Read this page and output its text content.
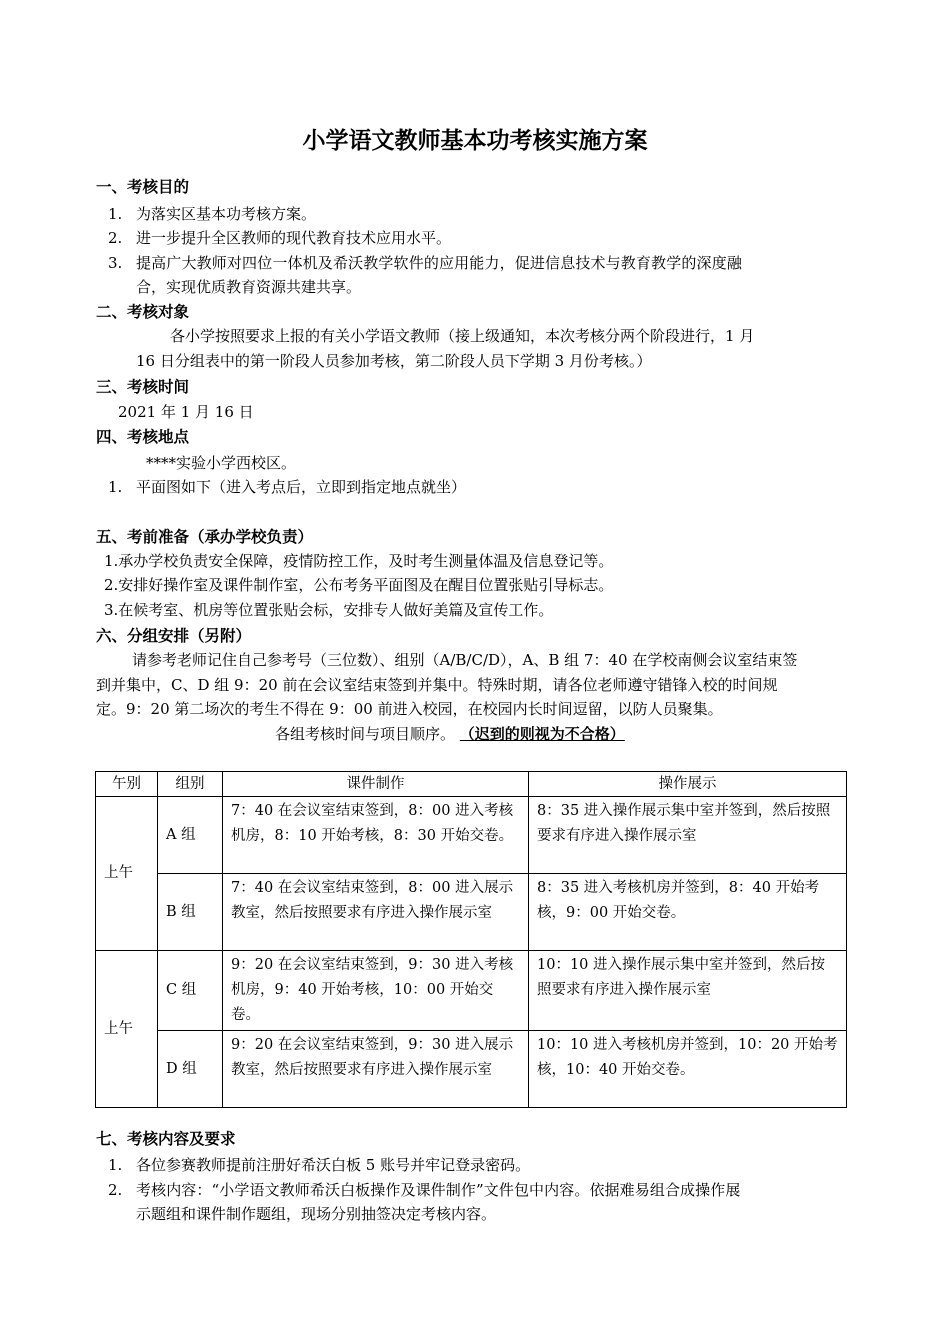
小学语文教师基本功考核实施方案
一、考核目的
1. 为落实区基本功考核方案。
2. 进一步提升全区教师的现代教育技术应用水平。
3. 提高广大教师对四位一体机及希沃教学软件的应用能力，促进信息技术与教育教学的深度融
合，实现优质教育资源共建共享。
二、考核对象
各小学按照要求上报的有关小学语文教师（接上级通知，本次考核分两个阶段进行，1 月
16 日分组表中的第一阶段人员参加考核，第二阶段人员下学期 3 月份考核。）
三、考核时间
2021 年 1 月 16 日
四、考核地点
****实验小学西校区。
1. 平面图如下（进入考点后，立即到指定地点就坐）
五、考前准备（承办学校负责）
1.承办学校负责安全保障，疫情防控工作，及时考生测量体温及信息登记等。
2.安排好操作室及课件制作室，公布考务平面图及在醒目位置张贴引导标志。
3.在候考室、机房等位置张贴会标，安排专人做好美篇及宣传工作。
六、分组安排（另附）
请参考老师记住自己参考号（三位数）、组别（A/B/C/D），A、B 组 7：40 在学校南侧会议室结束签
到并集中，C、D 组 9：20 前在会议室结束签到并集中。特殊时期，请各位老师遵守错锋入校的时间规
定。9：20 第二场次的考生不得在 9：00 前进入校园，在校园内长时间逗留，以防人员聚集。
各组考核时间与项目顺序。 （迟到的则视为不合格）
午别	组别	课件制作	操作展示
上午	A 组	7：40 在会议室结束签到，8：00 进入考核机房，8：10 开始考核，8：30 开始交卷。	8：35 进入操作展示集中室并签到，然后按照要求有序进入操作展示室
	B 组	7：40 在会议室结束签到，8：00 进入展示教室，然后按照要求有序进入操作展示室	8：35 进入考核机房并签到，8：40 开始考核，9：00 开始交卷。
上午	C 组	9：20 在会议室结束签到，9：30 进入考核机房，9：40 开始考核，10：00 开始交卷。	10：10 进入操作展示集中室并签到，然后按照要求有序进入操作展示室
	D 组	9：20 在会议室结束签到，9：30 进入展示教室，然后按照要求有序进入操作展示室	10：10 进入考核机房并签到，10：20 开始考核，10：40 开始交卷。
七、考核内容及要求
1. 各位参赛教师提前注册好希沃白板 5 账号并牢记登录密码。
2. 考核内容：“小学语文教师希沃白板操作及课件制作”文件包中内容。依据难易组合成操作展
示题组和课件制作题组，现场分别抽签决定考核内容。
